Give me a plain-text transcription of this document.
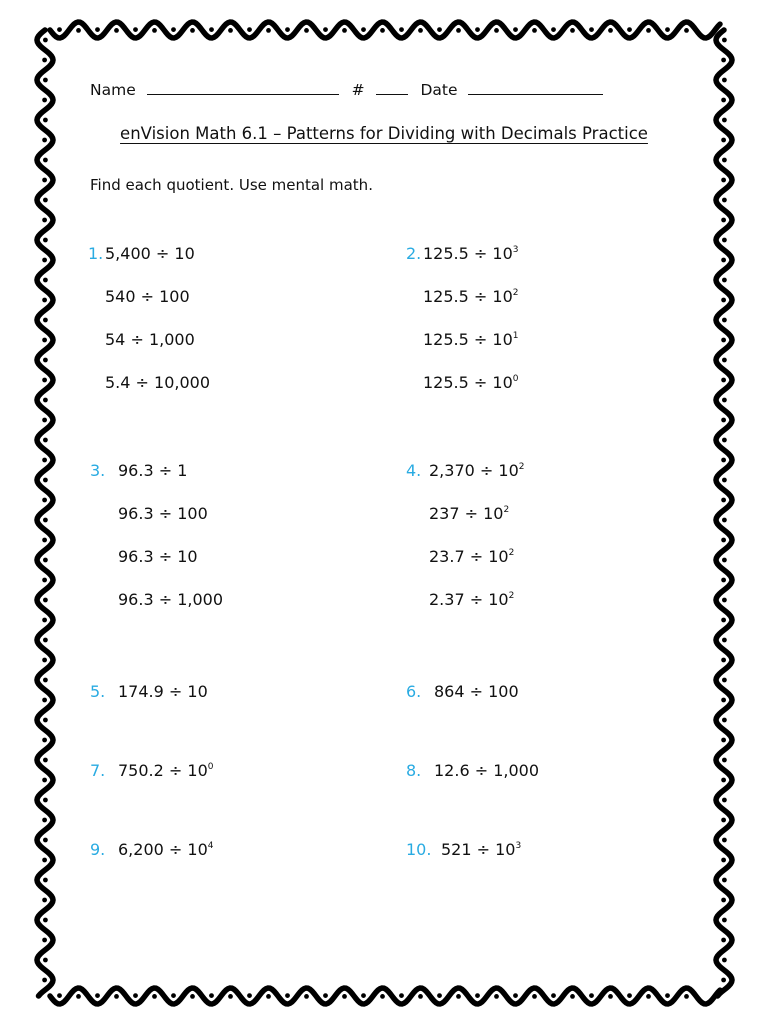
Name	#	Date
enVision Math 6.1 – Patterns for Dividing with Decimals Practice
Find each quotient. Use mental math.
1. 5,400 ÷ 10
540 ÷ 100
54 ÷ 1,000
5.4 ÷ 10,000
2. $125.5 \div 10^3$
$125.5 \div 10^2$
$125.5 \div 10^1$
$125.5 \div 10^0$
3. 96.3 ÷ 1
96.3 ÷ 100
96.3 ÷ 10
96.3 ÷ 1,000
4. $2,370 \div 10^2$
$237 \div 10^2$
$23.7 \div 10^2$
$2.37 \div 10^2$
5. 174.9 ÷ 10	6. 864 ÷ 100
7. $750.2 \div 10^0$	8. 12.6 ÷ 1,000
9. $6,200 \div 10^4$	10. $521 \div 10^3$
